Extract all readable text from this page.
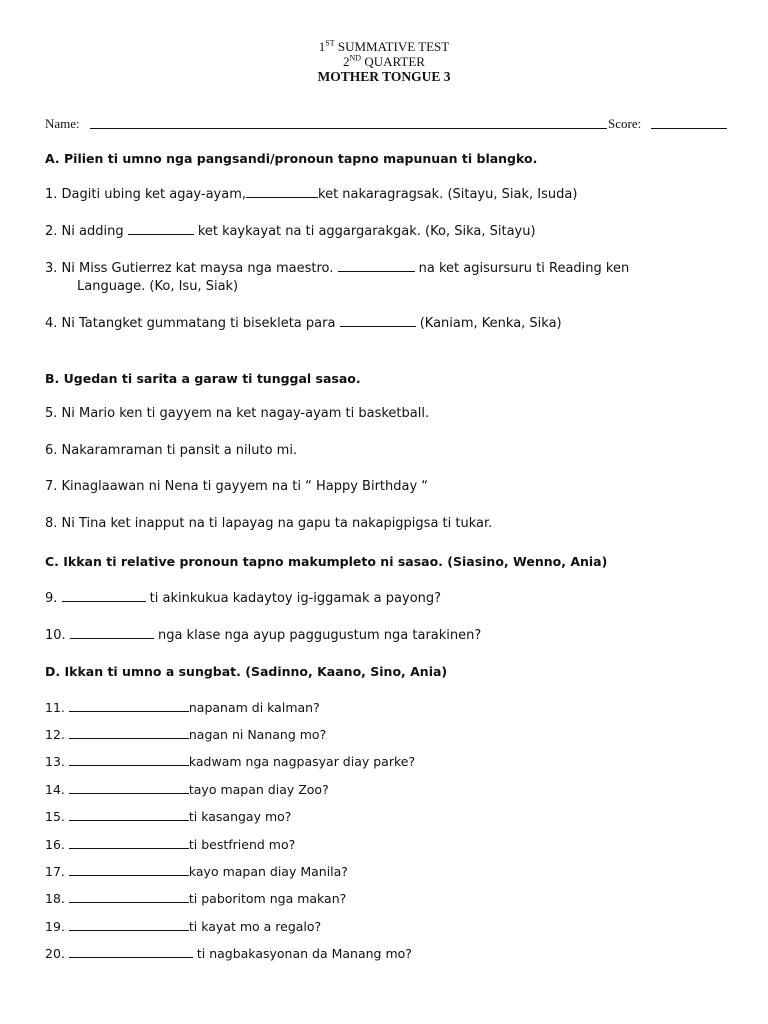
1ST SUMMATIVE TEST
2ND QUARTER
MOTHER TONGUE 3
Name:	Score:
A. Pilien ti umno nga pangsandi/pronoun tapno mapunuan ti blangko.
1. Dagiti ubing ket agay-ayam,	ket nakaragragsak. (Sitayu, Siak, Isuda)
2. Ni adding	ket kaykayat na ti aggargarakgak. (Ko, Sika, Sitayu)
3. Ni Miss Gutierrez kat maysa nga maestro.	na ket agisursuru ti Reading ken
Language. (Ko, Isu, Siak)
4. Ni Tatangket gummatang ti bisekleta para	(Kaniam, Kenka, Sika)
B. Ugedan ti sarita a garaw ti tunggal sasao.
5. Ni Mario ken ti gayyem na ket nagay-ayam ti basketball.
6. Nakaramraman ti pansit a niluto mi.
7. Kinaglaawan ni Nena ti gayyem na ti “ Happy Birthday “
8. Ni Tina ket inapput na ti lapayag na gapu ta nakapigpigsa ti tukar.
C. Ikkan ti relative pronoun tapno makumpleto ni sasao. (Siasino, Wenno, Ania)
9.	ti akinkukua kadaytoy ig-iggamak a payong?
10.	nga klase nga ayup paggugustum nga tarakinen?
D. Ikkan ti umno a sungbat. (Sadinno, Kaano, Sino, Ania)
11.	napanam di kalman?
12.	nagan ni Nanang mo?
13.	kadwam nga nagpasyar diay parke?
14.	tayo mapan diay Zoo?
15.	ti kasangay mo?
16.	ti bestfriend mo?
17.	kayo mapan diay Manila?
18.	ti paboritom nga makan?
19.	ti kayat mo a regalo?
20.	ti nagbakasyonan da Manang mo?
